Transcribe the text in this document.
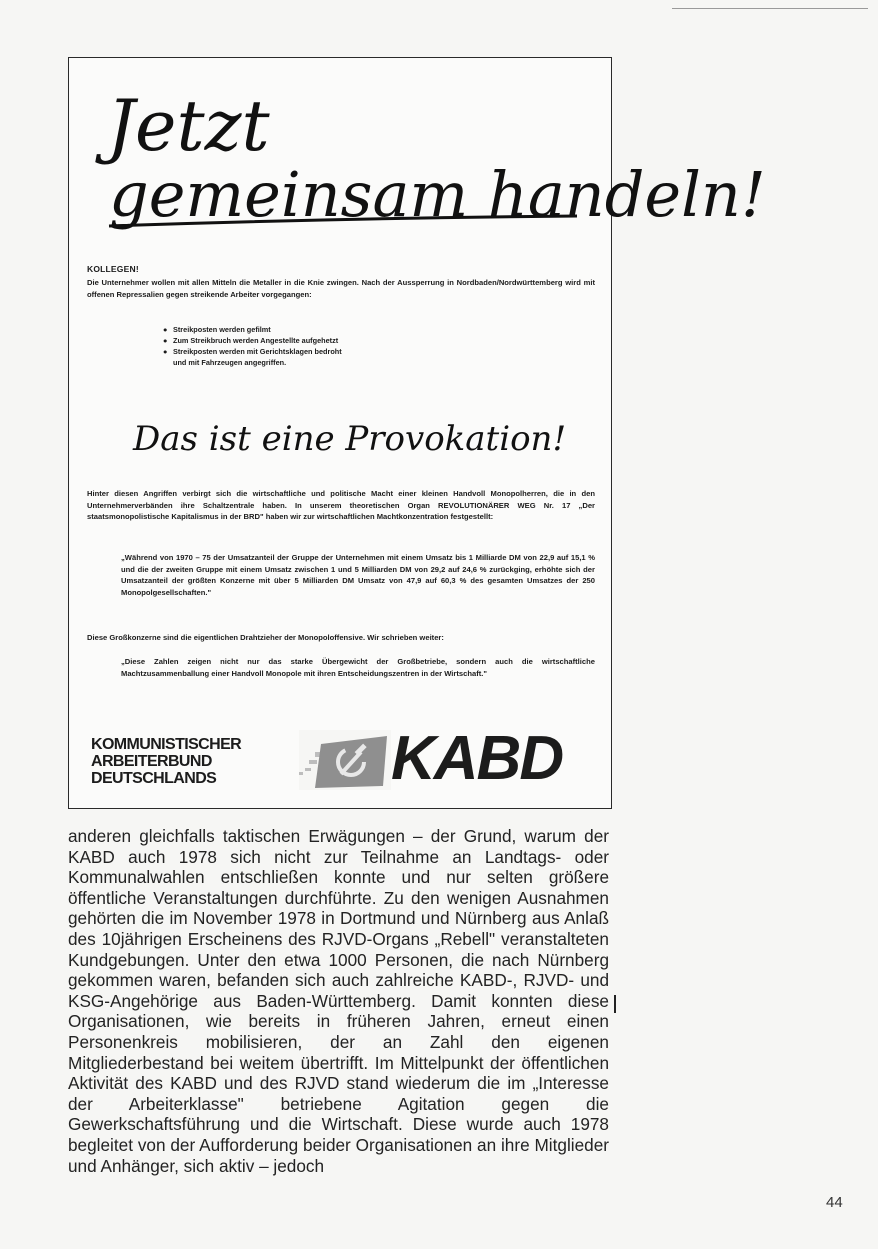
Jetzt
gemeinsam handeln!
KOLLEGEN!

Die Unternehmer wollen mit allen Mitteln die Metaller in die Knie zwingen. Nach der Aussperrung in Nordbaden/Nordwürttemberg wird mit offenen Repressalien gegen streikende Arbeiter vorgegangen:

● Streikposten werden gefilmt
● Zum Streikbruch werden Angestellte aufgehetzt
● Streikposten werden mit Gerichtsklagen bedroht
und mit Fahrzeugen angegriffen.
Das ist eine Provokation!

Hinter diesen Angriffen verbirgt sich die wirtschaftliche und politische Macht einer kleinen Handvoll Monopolherren, die in den Unternehmerverbänden ihre Schaltzentrale haben. In unserem theoretischen Organ REVOLUTIONÄRER WEG Nr. 17 „Der staatsmonopolistische Kapitalismus in der BRD" haben wir zur wirtschaftlichen Machtkonzentration festgestellt:

„Während von 1970 – 75 der Umsatzanteil der Gruppe der Unternehmen mit einem Umsatz bis 1 Milliarde DM von 22,9 auf 15,1 % und die der zweiten Gruppe mit einem Umsatz zwischen 1 und 5 Milliarden DM von 29,2 auf 24,6 % zurückging, erhöhte sich der Umsatzanteil der größten Konzerne mit über 5 Milliarden DM Umsatz von 47,9 auf 60,3 % des gesamten Umsatzes der 250 Monopolgesellschaften."

Diese Großkonzerne sind die eigentlichen Drahtzieher der Monopoloffensive. Wir schrieben weiter:

„Diese Zahlen zeigen nicht nur das starke Übergewicht der Großbetriebe, sondern auch die wirtschaftliche Machtzusammenballung einer Handvoll Monopole mit ihren Entscheidungszentren in der Wirtschaft."

KOMMUNISTISCHER
ARBEITERBUND
DEUTSCHLANDS	KABD

anderen gleichfalls taktischen Erwägungen – der Grund, warum der KABD auch 1978 sich nicht zur Teilnahme an Landtags- oder Kommunalwahlen entschließen konnte und nur selten größere öffentliche Veranstaltungen durchführte. Zu den wenigen Ausnahmen gehörten die im November 1978 in Dortmund und Nürnberg aus Anlaß des 10jährigen Erscheinens des RJVD-Organs „Rebell" veranstalteten Kundgebungen. Unter den etwa 1000 Personen, die nach Nürnberg gekommen waren, befanden sich auch zahlreiche KABD-, RJVD- und KSG-Angehörige aus Baden-Württemberg. Damit konnten diese Organisationen, wie bereits in früheren Jahren, erneut einen Personenkreis mobilisieren, der an Zahl den eigenen Mitgliederbestand bei weitem übertrifft. Im Mittelpunkt der öffentlichen Aktivität des KABD und des RJVD stand wiederum die im „Interesse der Arbeiterklasse" betriebene Agitation gegen die Gewerkschaftsführung und die Wirtschaft. Diese wurde auch 1978 begleitet von der Aufforderung beider Organisationen an ihre Mitglieder und Anhänger, sich aktiv – jedoch

44
